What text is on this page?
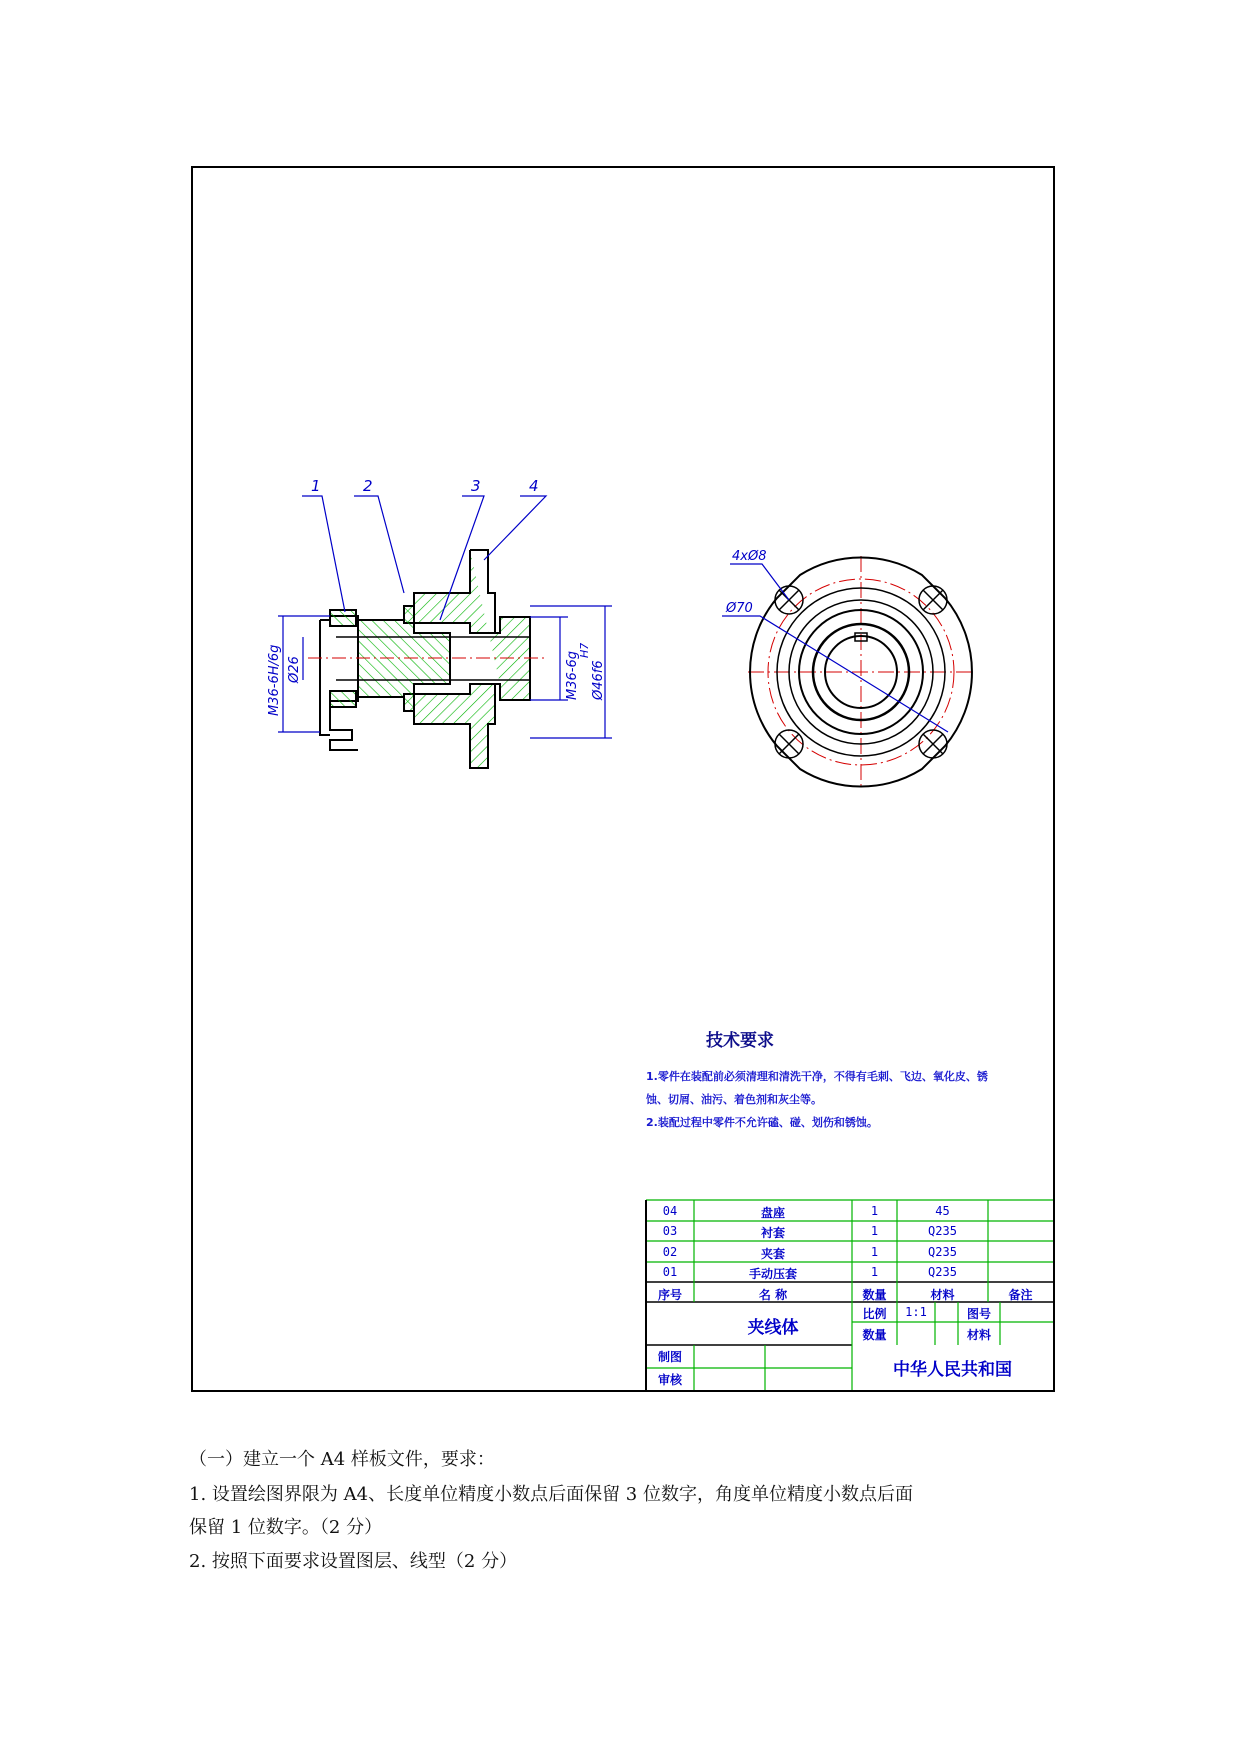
1	2	3	4
M36-6H/6g Ø26	M36-6g
H7
Ø46f6
4xØ8
Ø70
技术要求
1.零件在装配前必须清理和清洗干净，不得有毛刺、飞边、氧化皮、锈
蚀、切屑、油污、着色剂和灰尘等。
2.装配过程中零件不允许磕、碰、划伤和锈蚀。
04	盘座	1	45
03	衬套	1	Q235
02	夹套	1	Q235
01	手动压套	1	Q235
序号	名 称	数量	材料	备注
夹线体
比例	1:1	图号
数量	材料
制图
审核	中华人民共和国
（一）建立一个 A4 样板文件，要求：
1. 设置绘图界限为 A4、长度单位精度小数点后面保留 3 位数字，角度单位精度小数点后面
保留 1 位数字。（2 分）
2. 按照下面要求设置图层、线型（2 分）
